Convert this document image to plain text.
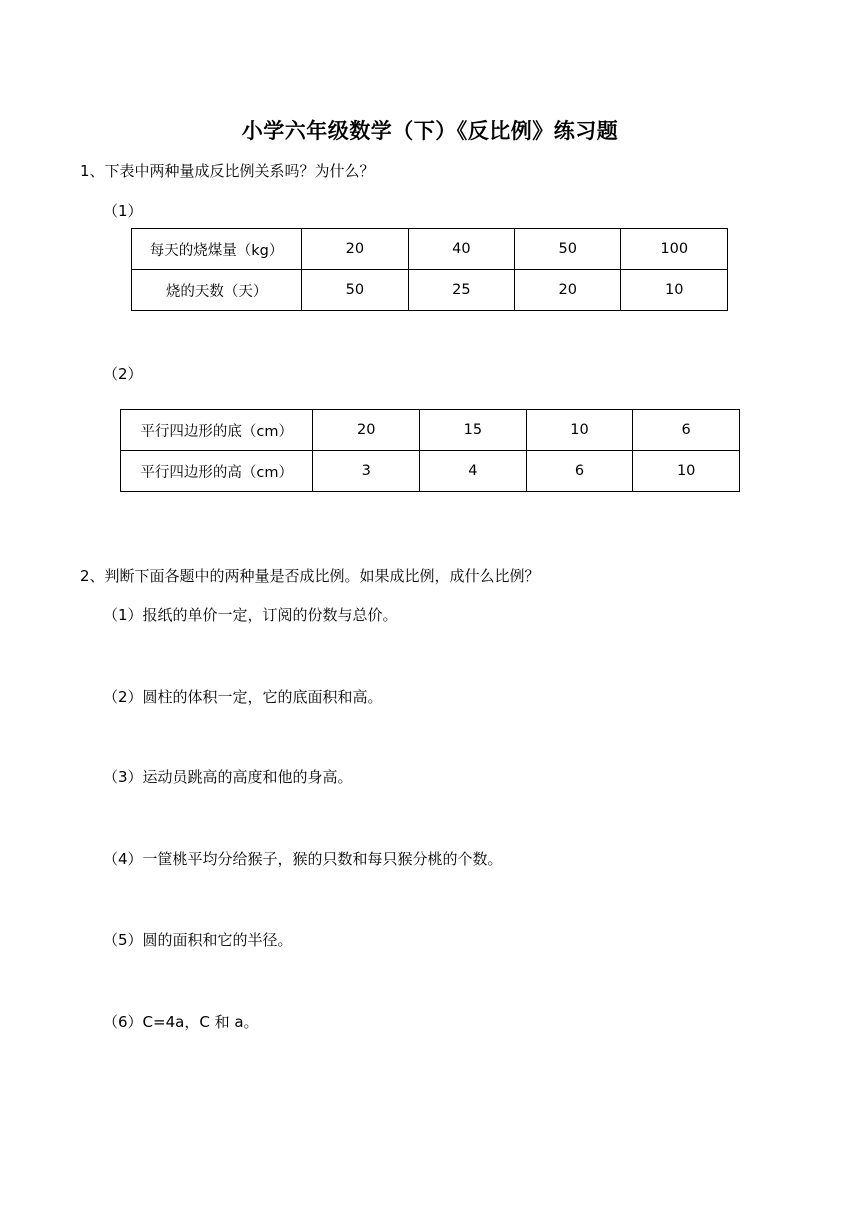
小学六年级数学（下）《反比例》练习题
1、下表中两种量成反比例关系吗？为什么？
（1）
每天的烧煤量（kg）	20	40	50	100
烧的天数（天）	50	25	20	10
（2）
平行四边形的底（cm）	20	15	10	6
平行四边形的高（cm）	3	4	6	10
2、判断下面各题中的两种量是否成比例。如果成比例，成什么比例？
（1）报纸的单价一定，订阅的份数与总价。
（2）圆柱的体积一定，它的底面积和高。
（3）运动员跳高的高度和他的身高。
（4）一筐桃平均分给猴子，猴的只数和每只猴分桃的个数。
（5）圆的面积和它的半径。
（6）C=4a，C 和 a。
